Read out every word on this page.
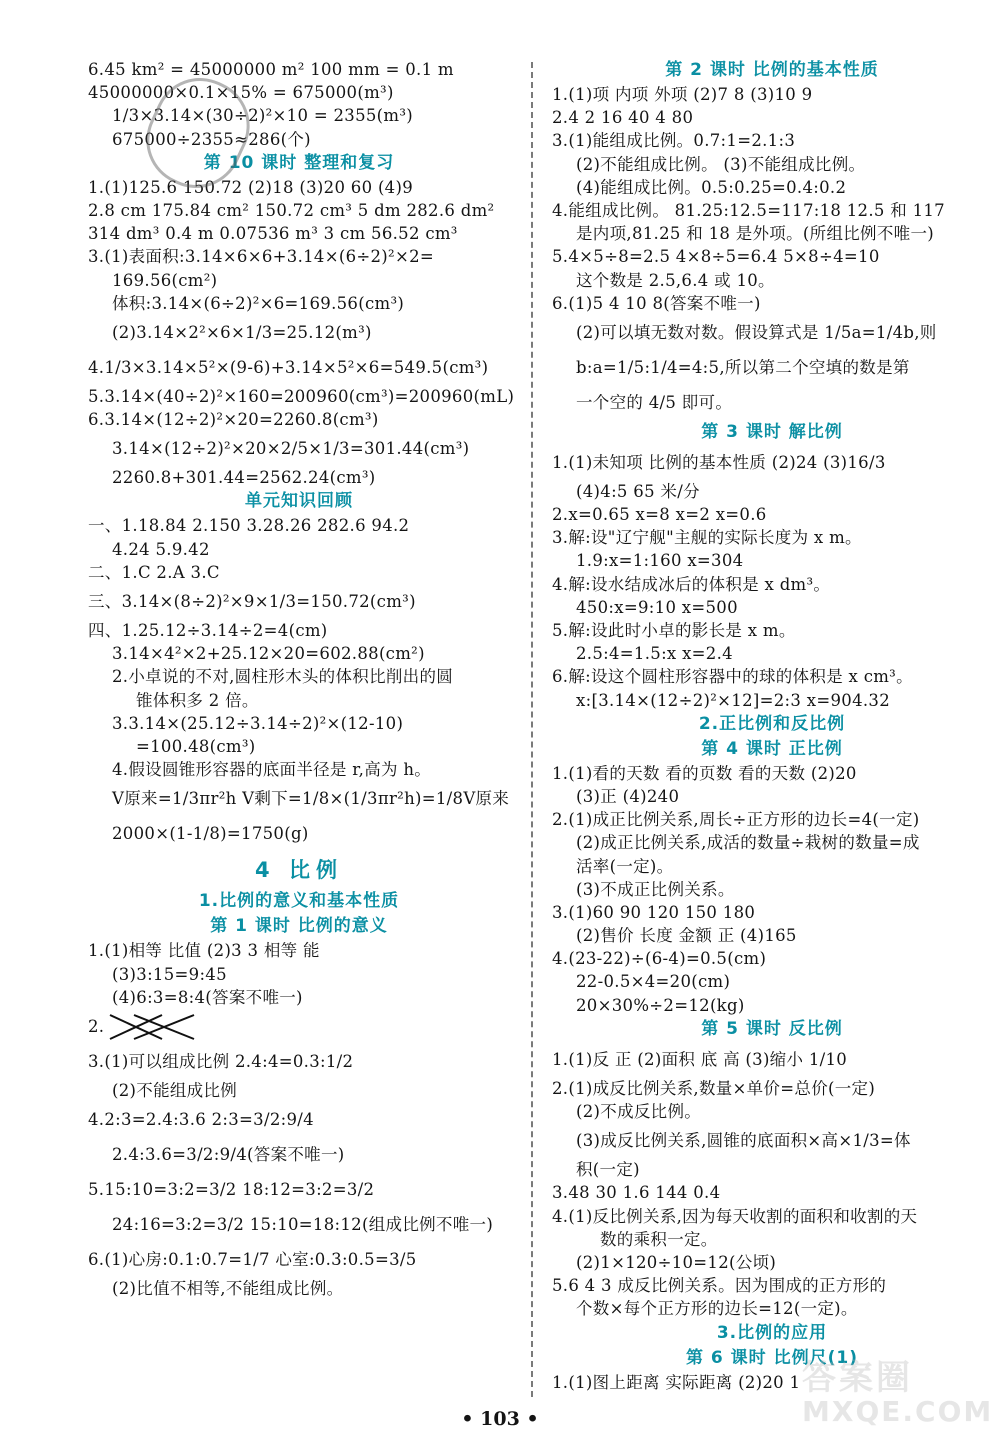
6.45 km² = 45000000 m² 100 mm = 0.1 m
45000000×0.1×15% = 675000(m³)
1/3×3.14×(30÷2)²×10 = 2355(m³)
675000÷2355≈286(个)
第 10 课时 整理和复习
1.(1)125.6 150.72 (2)18 (3)20 60 (4)9
2.8 cm 175.84 cm² 150.72 cm³ 5 dm 282.6 dm²
314 dm³ 0.4 m 0.07536 m³ 3 cm 56.52 cm³
3.(1)表面积:3.14×6×6+3.14×(6÷2)²×2=
169.56(cm²)
体积:3.14×(6÷2)²×6=169.56(cm³)
(2)3.14×2²×6×1/3=25.12(m³)
4.1/3×3.14×5²×(9-6)+3.14×5²×6=549.5(cm³)
5.3.14×(40÷2)²×160=200960(cm³)=200960(mL)
6.3.14×(12÷2)²×20=2260.8(cm³)
3.14×(12÷2)²×20×2/5×1/3=301.44(cm³)
2260.8+301.44=2562.24(cm³)
单元知识回顾
一、1.18.84 2.150 3.28.26 282.6 94.2
4.24 5.9.42
二、1.C 2.A 3.C
三、3.14×(8÷2)²×9×1/3=150.72(cm³)
四、1.25.12÷3.14÷2=4(cm)
3.14×4²×2+25.12×20=602.88(cm²)
2.小卓说的不对,圆柱形木头的体积比削出的圆
锥体积多 2 倍。
3.3.14×(25.12÷3.14÷2)²×(12-10)
=100.48(cm³)
4.假设圆锥形容器的底面半径是 r,高为 h。
V原来=1/3πr²h V剩下=1/8×(1/3πr²h)=1/8V原来
2000×(1-1/8)=1750(g)
4 比例
1.比例的意义和基本性质
第 1 课时 比例的意义
1.(1)相等 比值 (2)3 3 相等 能
(3)3:15=9:45
(4)6:3=8:4(答案不唯一)
2.
3.(1)可以组成比例 2.4:4=0.3:1/2
(2)不能组成比例
4.2:3=2.4:3.6 2:3=3/2:9/4
2.4:3.6=3/2:9/4(答案不唯一)
5.15:10=3:2=3/2 18:12=3:2=3/2
24:16=3:2=3/2 15:10=18:12(组成比例不唯一)
6.(1)心房:0.1:0.7=1/7 心室:0.3:0.5=3/5
(2)比值不相等,不能组成比例。
第 2 课时 比例的基本性质
1.(1)项 内项 外项 (2)7 8 (3)10 9
2.4 2 16 40 4 80
3.(1)能组成比例。0.7:1=2.1:3
(2)不能组成比例。 (3)不能组成比例。
(4)能组成比例。0.5:0.25=0.4:0.2
4.能组成比例。 81.25:12.5=117:18 12.5 和 117
是内项,81.25 和 18 是外项。(所组比例不唯一)
5.4×5÷8=2.5 4×8÷5=6.4 5×8÷4=10
这个数是 2.5,6.4 或 10。
6.(1)5 4 10 8(答案不唯一)
(2)可以填无数对数。假设算式是 1/5a=1/4b,则
b:a=1/5:1/4=4:5,所以第二个空填的数是第
一个空的 4/5 即可。
第 3 课时 解比例
1.(1)未知项 比例的基本性质 (2)24 (3)16/3
(4)4:5 65 米/分
2.x=0.65 x=8 x=2 x=0.6
3.解:设"辽宁舰"主舰的实际长度为 x m。
1.9:x=1:160 x=304
4.解:设水结成冰后的体积是 x dm³。
450:x=9:10 x=500
5.解:设此时小卓的影长是 x m。
2.5:4=1.5:x x=2.4
6.解:设这个圆柱形容器中的球的体积是 x cm³。
x:[3.14×(12÷2)²×12]=2:3 x=904.32
2.正比例和反比例
第 4 课时 正比例
1.(1)看的天数 看的页数 看的天数 (2)20
(3)正 (4)240
2.(1)成正比例关系,周长÷正方形的边长=4(一定)
(2)成正比例关系,成活的数量÷栽树的数量=成
活率(一定)。
(3)不成正比例关系。
3.(1)60 90 120 150 180
(2)售价 长度 金额 正 (4)165
4.(23-22)÷(6-4)=0.5(cm)
22-0.5×4=20(cm)
20×30%÷2=12(kg)
第 5 课时 反比例
1.(1)反 正 (2)面积 底 高 (3)缩小 1/10
2.(1)成反比例关系,数量×单价=总价(一定)
(2)不成反比例。
(3)成反比例关系,圆锥的底面积×高×1/3=体
积(一定)
3.48 30 1.6 144 0.4
4.(1)反比例关系,因为每天收割的面积和收割的天
数的乘积一定。
(2)1×120÷10=12(公顷)
5.6 4 3 成反比例关系。因为围成的正方形的
个数×每个正方形的边长=12(一定)。
3.比例的应用
第 6 课时 比例尺(1)
1.(1)图上距离 实际距离 (2)20 1
• 103 •
答案圈
MXQE.COM
